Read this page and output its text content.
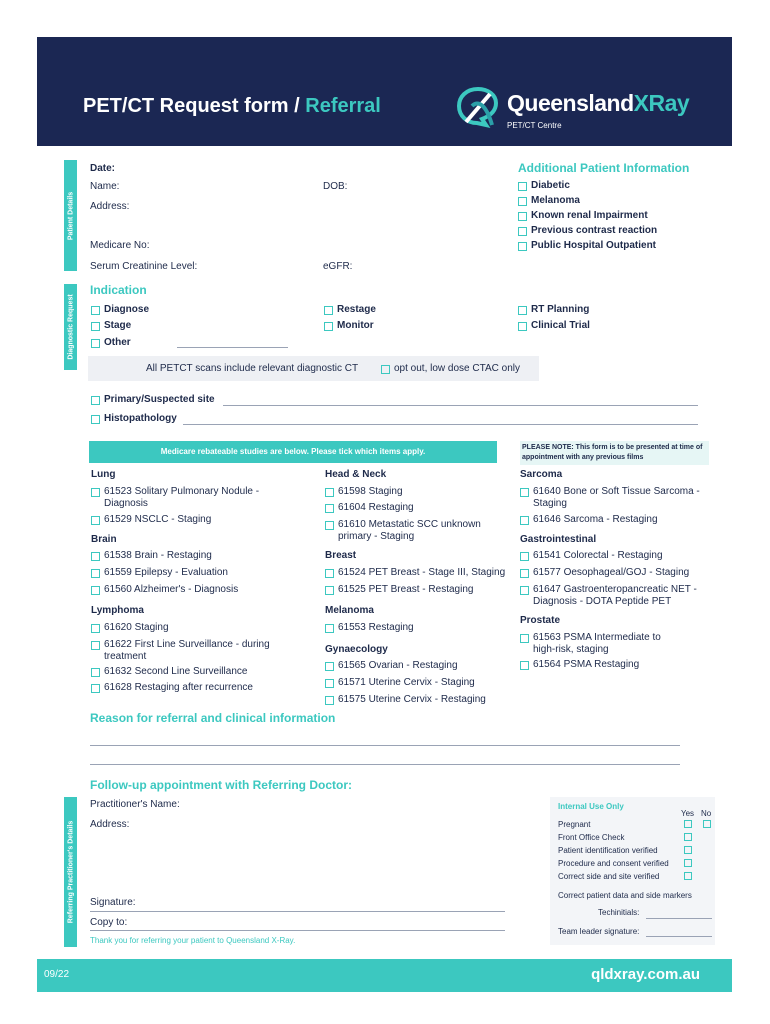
PET/CT Request form / Referral	QueenslandXRay
PET/CT Centre
Patient Details
Diagnostic Request
Referring Practitioner's Details
Date:
Name:	DOB:
Address:
Medicare No:
Serum Creatinine Level:	eGFR:
Additional Patient Information
Diabetic
Melanoma
Known renal Impairment
Previous contrast reaction
Public Hospital Outpatient
Indication
Diagnose
Stage
Other
Restage
Monitor
RT Planning
Clinical Trial
All PETCT scans include relevant diagnostic CT	opt out, low dose CTAC only
Primary/Suspected site
Histopathology
Medicare rebateable studies are below. Please tick which items apply.	PLEASE NOTE: This form is to be presented at time of appointment with any previous films
Lung
61523 Solitary Pulmonary Nodule - Diagnosis
61529 NSCLC - Staging
Brain
61538 Brain - Restaging
61559 Epilepsy - Evaluation
61560 Alzheimer's - Diagnosis
Lymphoma
61620 Staging
61622 First Line Surveillance - during treatment
61632 Second Line Surveillance
61628 Restaging after recurrence
Head & Neck
61598 Staging
61604 Restaging
61610 Metastatic SCC unknown primary - Staging
Breast
61524 PET Breast - Stage III, Staging
61525 PET Breast - Restaging
Melanoma
61553 Restaging
Gynaecology
61565 Ovarian - Restaging
61571 Uterine Cervix - Staging
61575 Uterine Cervix - Restaging
Sarcoma
61640 Bone or Soft Tissue Sarcoma - Staging
61646 Sarcoma - Restaging
Gastrointestinal
61541 Colorectal - Restaging
61577 Oesophageal/GOJ - Staging
61647 Gastroenteropancreatic NET - Diagnosis - DOTA Peptide PET
Prostate
61563 PSMA Intermediate to high-risk, staging
61564 PSMA Restaging
Reason for referral and clinical information
Follow-up appointment with Referring Doctor:
Practitioner's Name:
Address:
Signature:
Copy to:
Thank you for referring your patient to Queensland X-Ray.
Internal Use Only
Yes No
Pregnant
Front Office Check
Patient identification verified
Procedure and consent verified
Correct side and site verified
Correct patient data and side markers
Techinitials:
Team leader signature:
09/22	qldxray.com.au
